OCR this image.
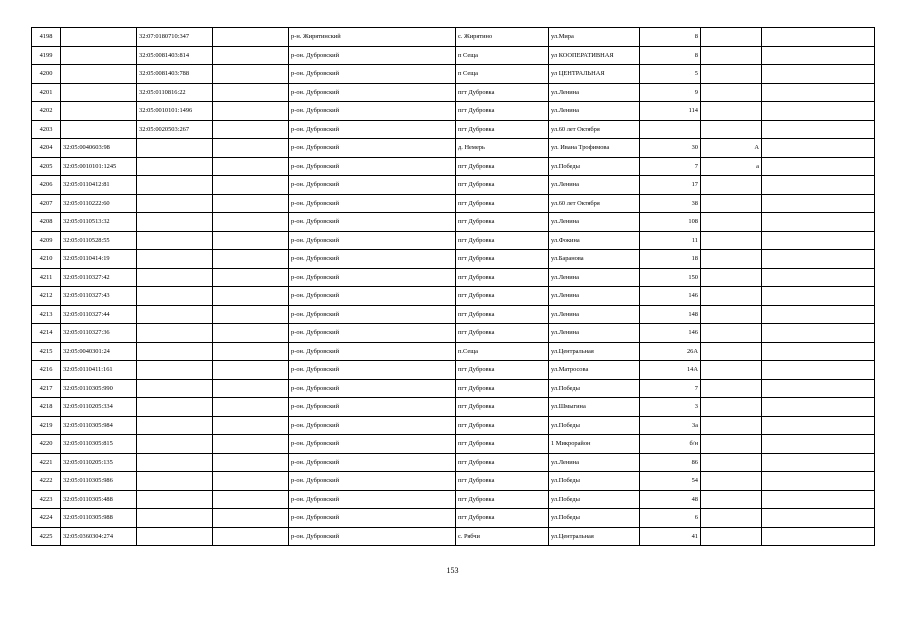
4198		32:07:0180710:347		р-н. Жирятинский	с. Жирятино	ул.Мира	8		
4199		32:05:0081403:814		р-он. Дубровский	п Сеща	ул КООПЕРАТИВНАЯ	8		
4200		32:05:0081403:788		р-он. Дубровский	п Сеща	ул ЦЕНТРАЛЬНАЯ	5		
4201		32:05:0110816:22		р-он. Дубровский	пгт Дубровка	ул.Ленина	9		
4202		32:05:0010101:1496		р-он. Дубровский	пгт Дубровка	ул.Ленина	114		
4203		32:05:0020503:267		р-он. Дубровский	пгт Дубровка	ул.60 лет Октября			
4204	32:05:0040603:98			р-он. Дубровский	д. Немерь	ул. Ивана Трофимова	30	А	
4205	32:05:0010101:1245			р-он. Дубровский	пгт Дубровка	ул.Победы	7	а	
4206	32:05:0110412:81			р-он. Дубровский	пгт Дубровка	ул.Ленина	17		
4207	32:05:0110222:60			р-он. Дубровский	пгт Дубровка	ул.60 лет Октября	38		
4208	32:05:0110513:32			р-он. Дубровский	пгт Дубровка	ул.Ленина	108		
4209	32:05:0110528:55			р-он. Дубровский	пгт Дубровка	ул.Фокина	11		
4210	32:05:0110414:19			р-он. Дубровский	пгт Дубровка	ул.Баранова	18		
4211	32:05:0110327:42			р-он. Дубровский	пгт Дубровка	ул.Ленина	150		
4212	32:05:0110327:43			р-он. Дубровский	пгт Дубровка	ул.Ленина	146		
4213	32:05:0110327:44			р-он. Дубровский	пгт Дубровка	ул.Ленина	148		
4214	32:05:0110327:36			р-он. Дубровский	пгт Дубровка	ул.Ленина	146		
4215	32:05:0040301:24			р-он. Дубровский	п.Сеща	ул.Центральная	26А		
4216	32:05:0110411:161			р-он. Дубровский	пгт Дубровка	ул.Матросова	14А		
4217	32:05:0110305:990			р-он. Дубровский	пгт Дубровка	ул.Победы	7		
4218	32:05:0110205:334			р-он. Дубровский	пгт Дубровка	ул.Шмыгина	3		
4219	32:05:0110305:984			р-он. Дубровский	пгт Дубровка	ул.Победы	3а		
4220	32:05:0110305:815			р-он. Дубровский	пгт Дубровка	1 Микрорайон	б/н		
4221	32:05:0110205:135			р-он. Дубровский	пгт Дубровка	ул.Ленина	86		
4222	32:05:0110305:986			р-он. Дубровский	пгт Дубровка	ул.Победы	54		
4223	32:05:0110305:488			р-он. Дубровский	пгт Дубровка	ул.Победы	48		
4224	32:05:0110305:988			р-он. Дубровский	пгт Дубровка	ул.Победы	6		
4225	32:05:0360304:274			р-он. Дубровский	с. Рябчи	ул.Центральная	41		
153
